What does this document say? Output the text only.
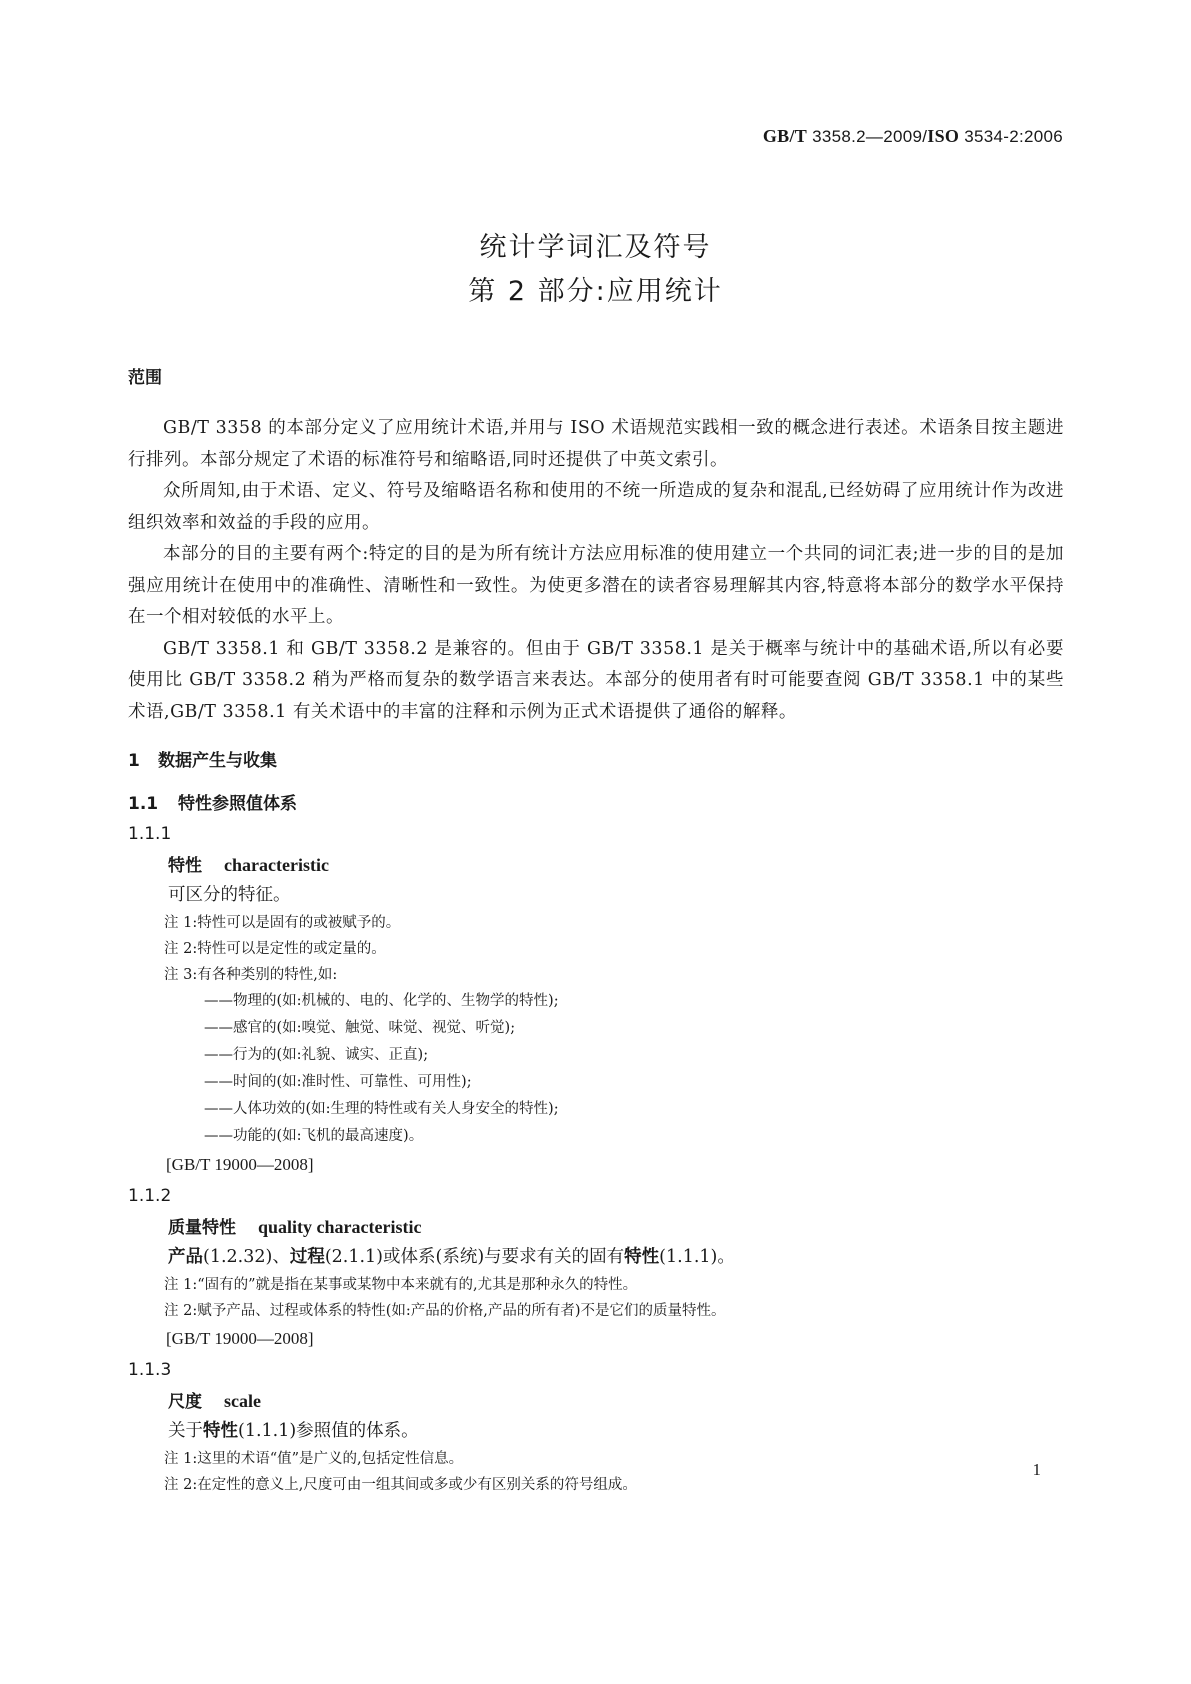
GB/T 3358.2—2009/ISO 3534-2:2006
统计学词汇及符号
第 2 部分:应用统计
范围
GB/T 3358 的本部分定义了应用统计术语,并用与 ISO 术语规范实践相一致的概念进行表述。术语条目按主题进行排列。本部分规定了术语的标准符号和缩略语,同时还提供了中英文索引。
众所周知,由于术语、定义、符号及缩略语名称和使用的不统一所造成的复杂和混乱,已经妨碍了应用统计作为改进组织效率和效益的手段的应用。
本部分的目的主要有两个:特定的目的是为所有统计方法应用标准的使用建立一个共同的词汇表;进一步的目的是加强应用统计在使用中的准确性、清晰性和一致性。为使更多潜在的读者容易理解其内容,特意将本部分的数学水平保持在一个相对较低的水平上。
GB/T 3358.1 和 GB/T 3358.2 是兼容的。但由于 GB/T 3358.1 是关于概率与统计中的基础术语,所以有必要使用比 GB/T 3358.2 稍为严格而复杂的数学语言来表达。本部分的使用者有时可能要查阅 GB/T 3358.1 中的某些术语,GB/T 3358.1 有关术语中的丰富的注释和示例为正式术语提供了通俗的解释。
1 数据产生与收集
1.1 特性参照值体系
1.1.1
特性 characteristic
可区分的特征。
注 1:特性可以是固有的或被赋予的。
注 2:特性可以是定性的或定量的。
注 3:有各种类别的特性,如:
——物理的(如:机械的、电的、化学的、生物学的特性);
——感官的(如:嗅觉、触觉、味觉、视觉、听觉);
——行为的(如:礼貌、诚实、正直);
——时间的(如:准时性、可靠性、可用性);
——人体功效的(如:生理的特性或有关人身安全的特性);
——功能的(如:飞机的最高速度)。
[GB/T 19000—2008]
1.1.2
质量特性 quality characteristic
产品(1.2.32)、过程(2.1.1)或体系(系统)与要求有关的固有特性(1.1.1)。
注 1:“固有的”就是指在某事或某物中本来就有的,尤其是那种永久的特性。
注 2:赋予产品、过程或体系的特性(如:产品的价格,产品的所有者)不是它们的质量特性。
[GB/T 19000—2008]
1.1.3
尺度 scale
关于特性(1.1.1)参照值的体系。
注 1:这里的术语“值”是广义的,包括定性信息。
注 2:在定性的意义上,尺度可由一组其间或多或少有区别关系的符号组成。
1
